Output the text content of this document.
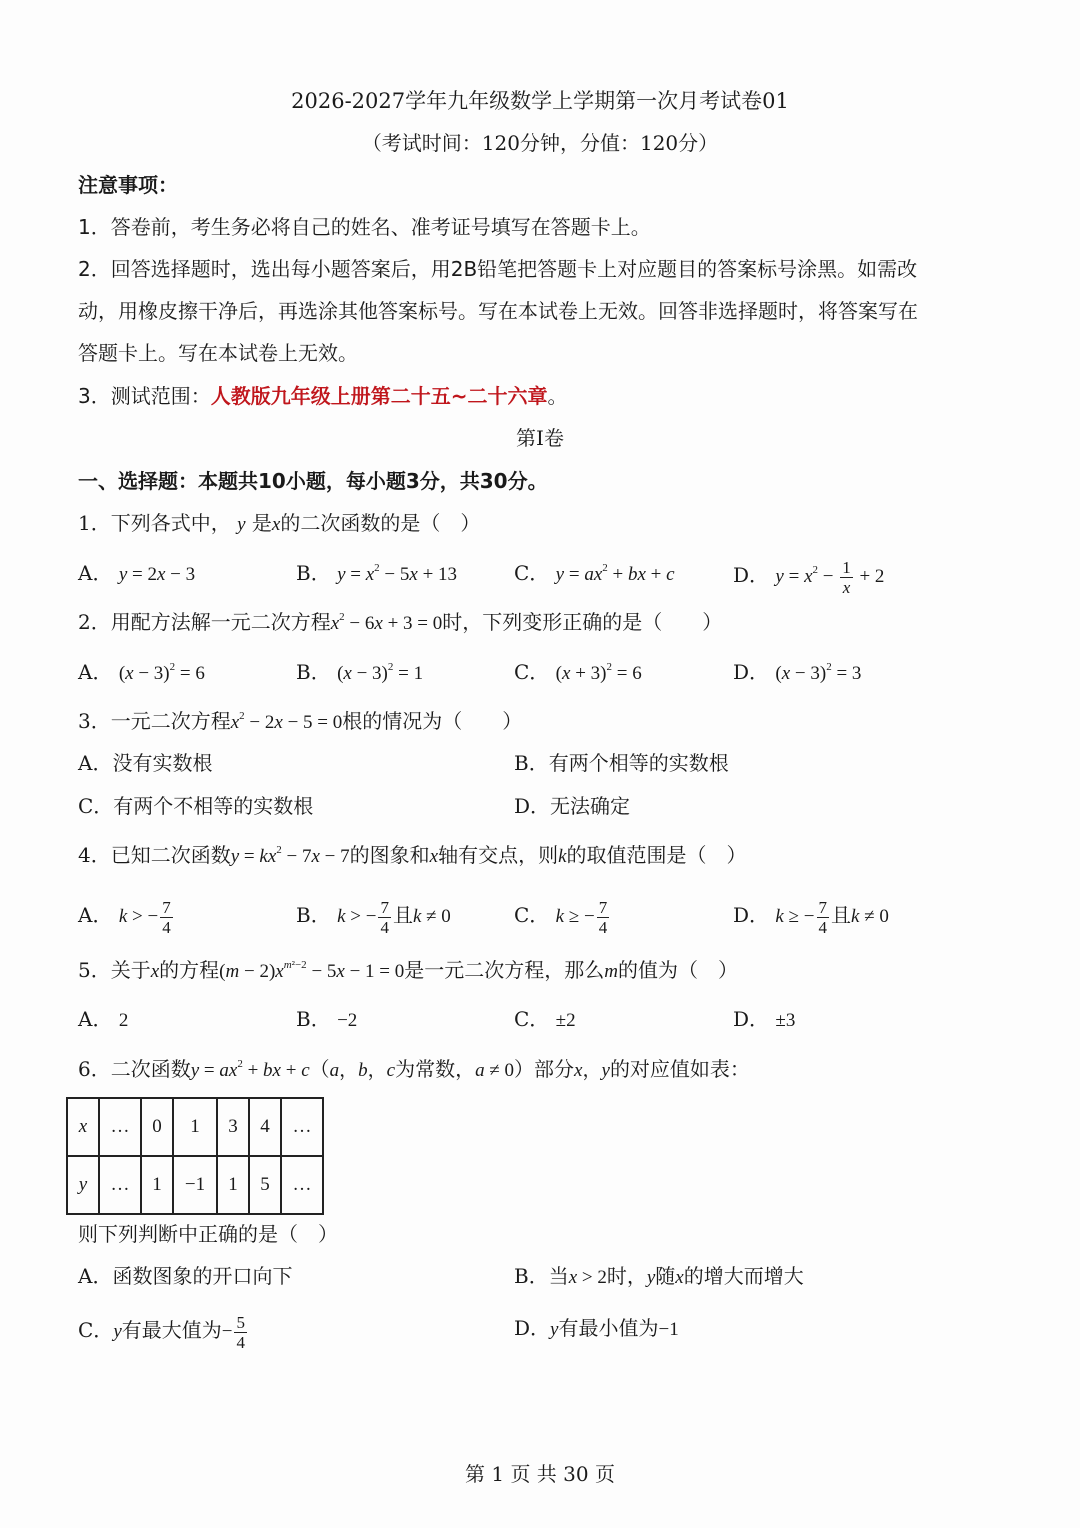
2026-2027学年九年级数学上学期第一次月考试卷01
（考试时间：120分钟，分值：120分）
注意事项：
1．答卷前，考生务必将自己的姓名、准考证号填写在答题卡上。
2．回答选择题时，选出每小题答案后，用2B铅笔把答题卡上对应题目的答案标号涂黑。如需改
动，用橡皮擦干净后，再选涂其他答案标号。写在本试卷上无效。回答非选择题时，将答案写在
答题卡上。写在本试卷上无效。
3．测试范围：人教版九年级上册第二十五~二十六章。
第Ⅰ卷
一、选择题：本题共10小题，每小题3分，共30分。
1．下列各式中， y 是x的二次函数的是（　）
A． y = 2x − 3	B． $y = x^2 - 5x + 13$	C． $y = ax^2$ + bx + c	D． $y = x^2 - \frac{1}{x} + 2$
2．用配方法解一元二次方程$x^2 - 6x + 3 = 0$时，下列变形正确的是（　　）
A． $(x - 3)^2 = 6$	B． $(x - 3)^2 = 1$	C． $(x + 3)^2 = 6$	D． $(x - 3)^2 = 3$
3．一元二次方程$x^2 - 2x - 5 = 0$根的情况为（　　）
A．没有实数根	B．有两个相等的实数根
C．有两个不相等的实数根	D．无法确定
4．已知二次函数$y = kx^2 - 7x - 7$的图象和x轴有交点，则k的取值范围是（　）
A． k > − $\frac{7}{4}$	B． k > − $\frac{7}{4}$ 且k ≠ 0	C． k ≥ − $\frac{7}{4}$	D． k ≥ − $\frac{7}{4}$ 且k ≠ 0
5．关于x的方程$(m - 2)x^{m^2-2} - 5x - 1 = 0$是一元二次方程，那么m的值为（　）
A． 2	B． −2	C． ±2	D． ±3
6．二次函数$y = ax^2$ + bx + c（a，b，c为常数，a ≠ 0）部分x，y的对应值如表：
x	…	0	1	3	4	…
y	…	1	−1	1	5	…
则下列判断中正确的是（　）
A．函数图象的开口向下	B．当x > 2时，y随x的增大而增大
C．y有最大值为− $\frac{5}{4}$	D．y有最小值为−1
第 1 页 共 30 页
